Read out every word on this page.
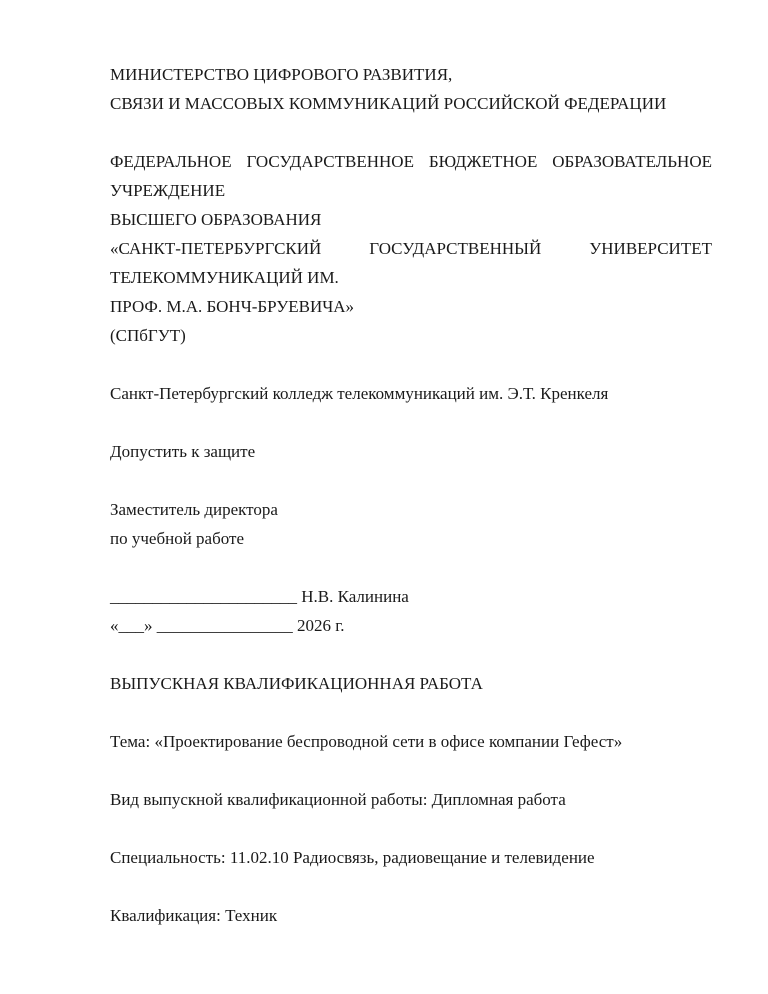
МИНИСТЕРСТВО ЦИФРОВОГО РАЗВИТИЯ,
СВЯЗИ И МАССОВЫХ КОММУНИКАЦИЙ РОССИЙСКОЙ ФЕДЕРАЦИИ
ФЕДЕРАЛЬНОЕ ГОСУДАРСТВЕННОЕ БЮДЖЕТНОЕ ОБРАЗОВАТЕЛЬНОЕ
УЧРЕЖДЕНИЕ
ВЫСШЕГО ОБРАЗОВАНИЯ
«САНКТ-ПЕТЕРБУРГСКИЙ ГОСУДАРСТВЕННЫЙ УНИВЕРСИТЕТ
ТЕЛЕКОММУНИКАЦИЙ ИМ.
ПРОФ. М.А. БОНЧ-БРУЕВИЧА»
(СПбГУТ)
Санкт-Петербургский колледж телекоммуникаций им. Э.Т. Кренкеля
Допустить к защите
Заместитель директора
по учебной работе
______________________ Н.В. Калинина
«___» ________________ 2026 г.
ВЫПУСКНАЯ КВАЛИФИКАЦИОННАЯ РАБОТА
Тема: «Проектирование беспроводной сети в офисе компании Гефест»
Вид выпускной квалификационной работы: Дипломная работа
Специальность: 11.02.10 Радиосвязь, радиовещание и телевидение
Квалификация: Техник
